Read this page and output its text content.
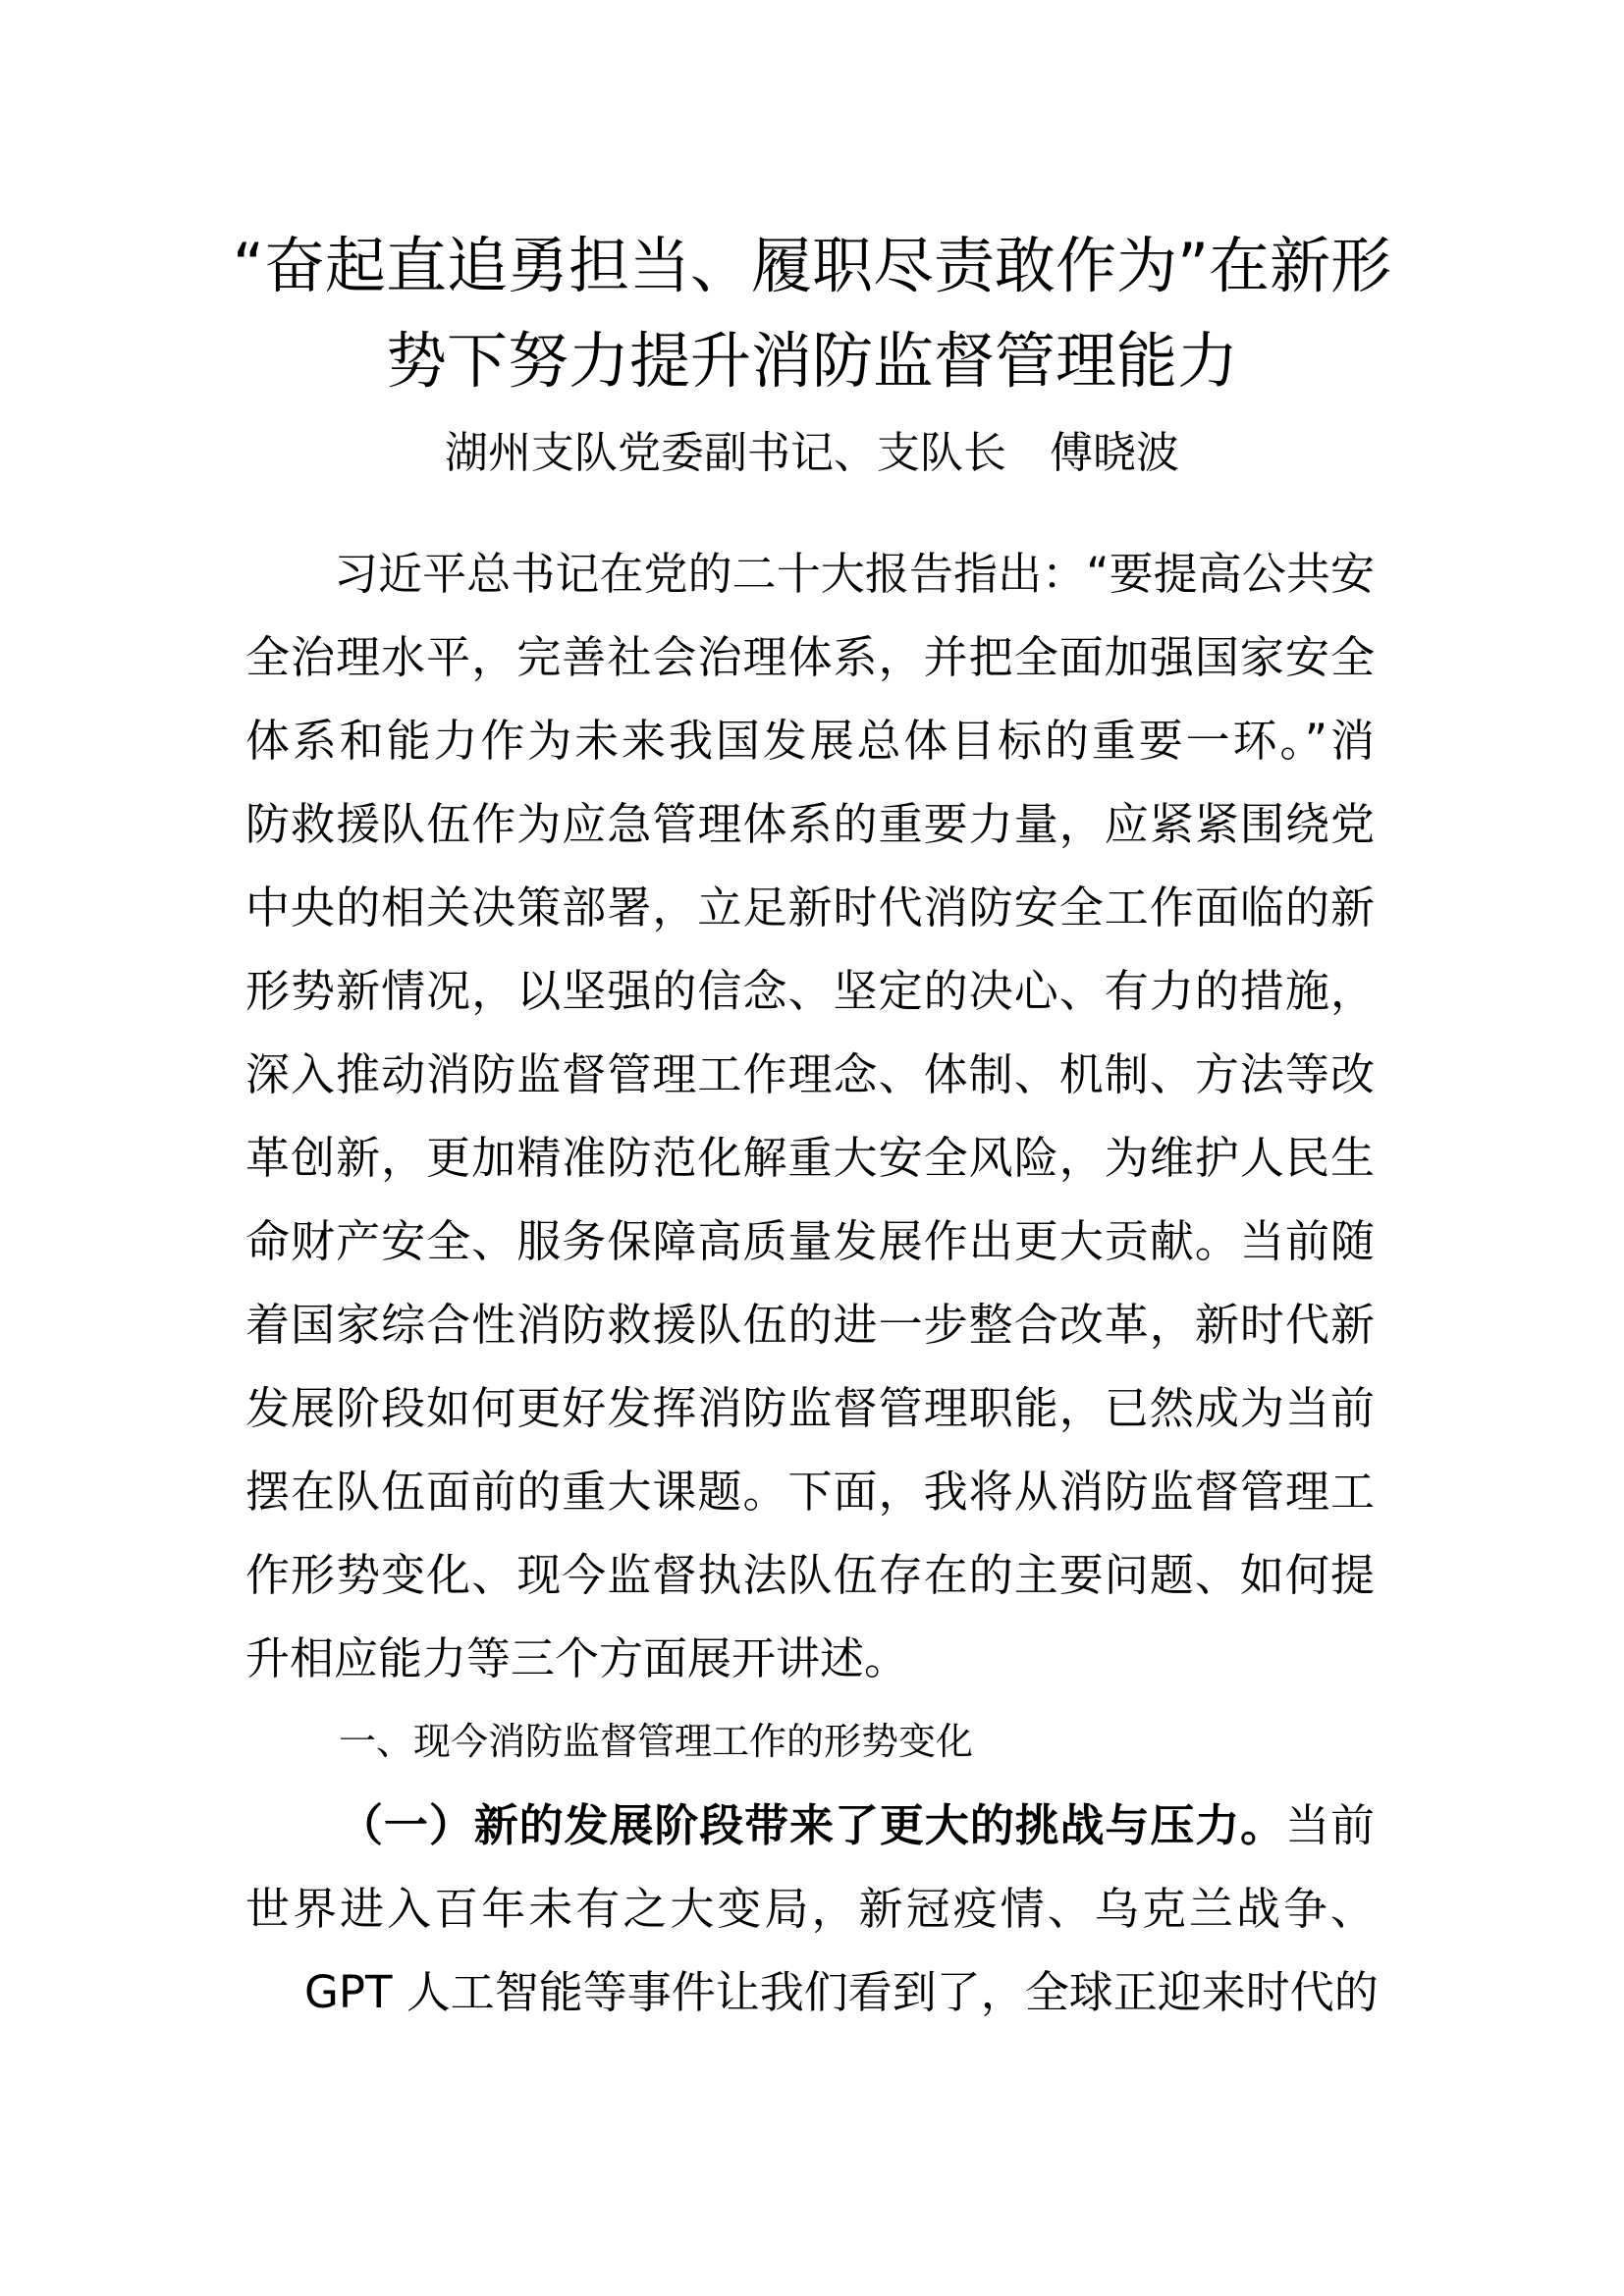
“奋起直追勇担当、履职尽责敢作为”在新形
势下努力提升消防监督管理能力
湖州支队党委副书记、支队长　傅晓波
习近平总书记在党的二十大报告指出：“要提高公共安
全治理水平，完善社会治理体系，并把全面加强国家安全
体系和能力作为未来我国发展总体目标的重要一环。”消
防救援队伍作为应急管理体系的重要力量，应紧紧围绕党
中央的相关决策部署，立足新时代消防安全工作面临的新
形势新情况，以坚强的信念、坚定的决心、有力的措施，
深入推动消防监督管理工作理念、体制、机制、方法等改
革创新，更加精准防范化解重大安全风险，为维护人民生
命财产安全、服务保障高质量发展作出更大贡献。当前随
着国家综合性消防救援队伍的进一步整合改革，新时代新
发展阶段如何更好发挥消防监督管理职能，已然成为当前
摆在队伍面前的重大课题。下面，我将从消防监督管理工
作形势变化、现今监督执法队伍存在的主要问题、如何提
升相应能力等三个方面展开讲述。
一、现今消防监督管理工作的形势变化
（一）新的发展阶段带来了更大的挑战与压力。当前
世界进入百年未有之大变局，新冠疫情、乌克兰战争、
GPT 人工智能等事件让我们看到了，全球正迎来时代的
